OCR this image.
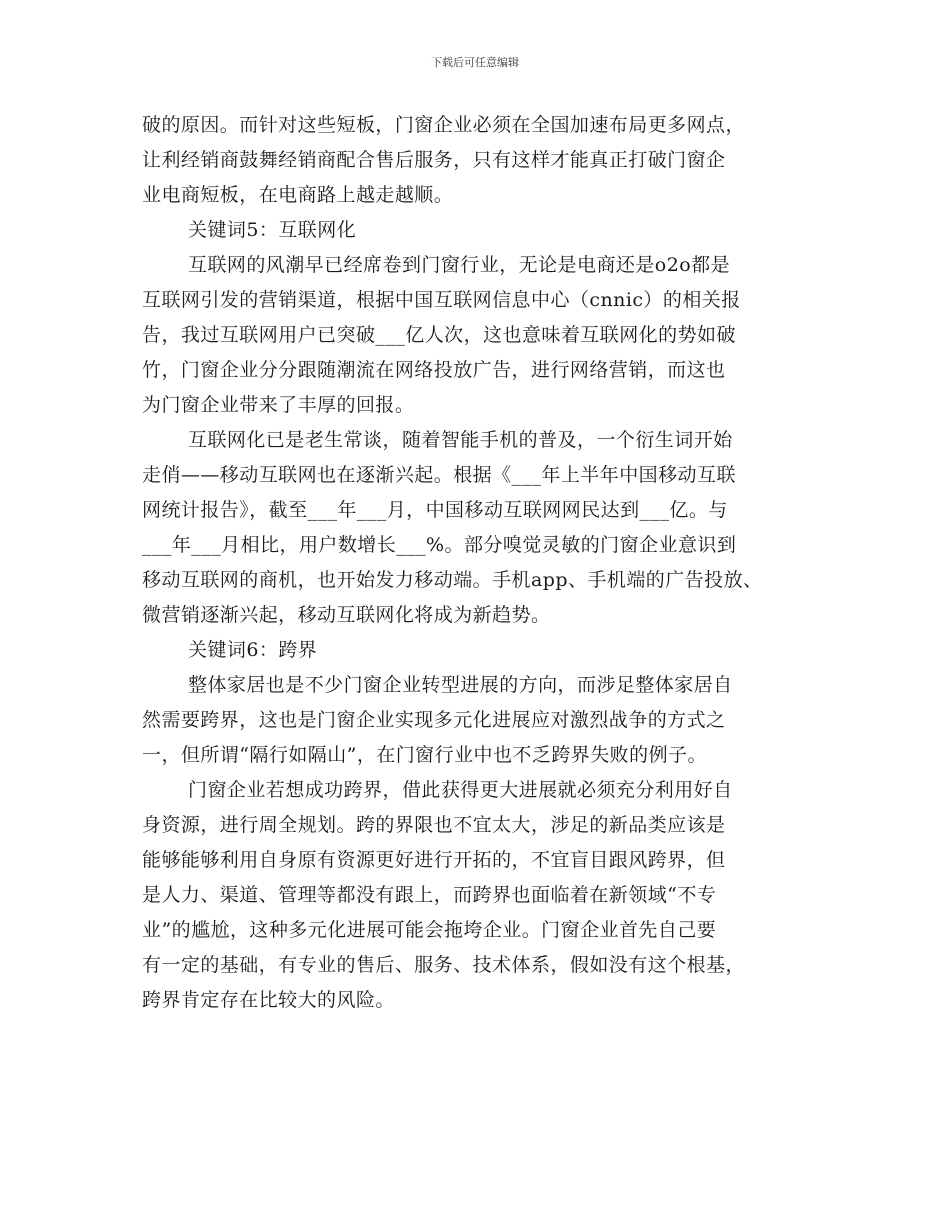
下载后可任意编辑
破的原因。而针对这些短板，门窗企业必须在全国加速布局更多网点，
让利经销商鼓舞经销商配合售后服务，只有这样才能真正打破门窗企
业电商短板，在电商路上越走越顺。
关键词5：互联网化
互联网的风潮早已经席卷到门窗行业，无论是电商还是o2o都是
互联网引发的营销渠道，根据中国互联网信息中心（cnnic）的相关报
告，我过互联网用户已突破___亿人次，这也意味着互联网化的势如破
竹，门窗企业分分跟随潮流在网络投放广告，进行网络营销，而这也
为门窗企业带来了丰厚的回报。
互联网化已是老生常谈，随着智能手机的普及，一个衍生词开始
走俏——移动互联网也在逐渐兴起。根据《___年上半年中国移动互联
网统计报告》，截至___年___月，中国移动互联网网民达到___亿。与
___年___月相比，用户数增长___%。部分嗅觉灵敏的门窗企业意识到
移动互联网的商机，也开始发力移动端。手机app、手机端的广告投放、
微营销逐渐兴起，移动互联网化将成为新趋势。
关键词6：跨界
整体家居也是不少门窗企业转型进展的方向，而涉足整体家居自
然需要跨界，这也是门窗企业实现多元化进展应对激烈战争的方式之
一，但所谓“隔行如隔山”，在门窗行业中也不乏跨界失败的例子。
门窗企业若想成功跨界，借此获得更大进展就必须充分利用好自
身资源，进行周全规划。跨的界限也不宜太大，涉足的新品类应该是
能够能够利用自身原有资源更好进行开拓的，不宜盲目跟风跨界，但
是人力、渠道、管理等都没有跟上，而跨界也面临着在新领域“不专
业”的尴尬，这种多元化进展可能会拖垮企业。门窗企业首先自己要
有一定的基础，有专业的售后、服务、技术体系，假如没有这个根基，
跨界肯定存在比较大的风险。
